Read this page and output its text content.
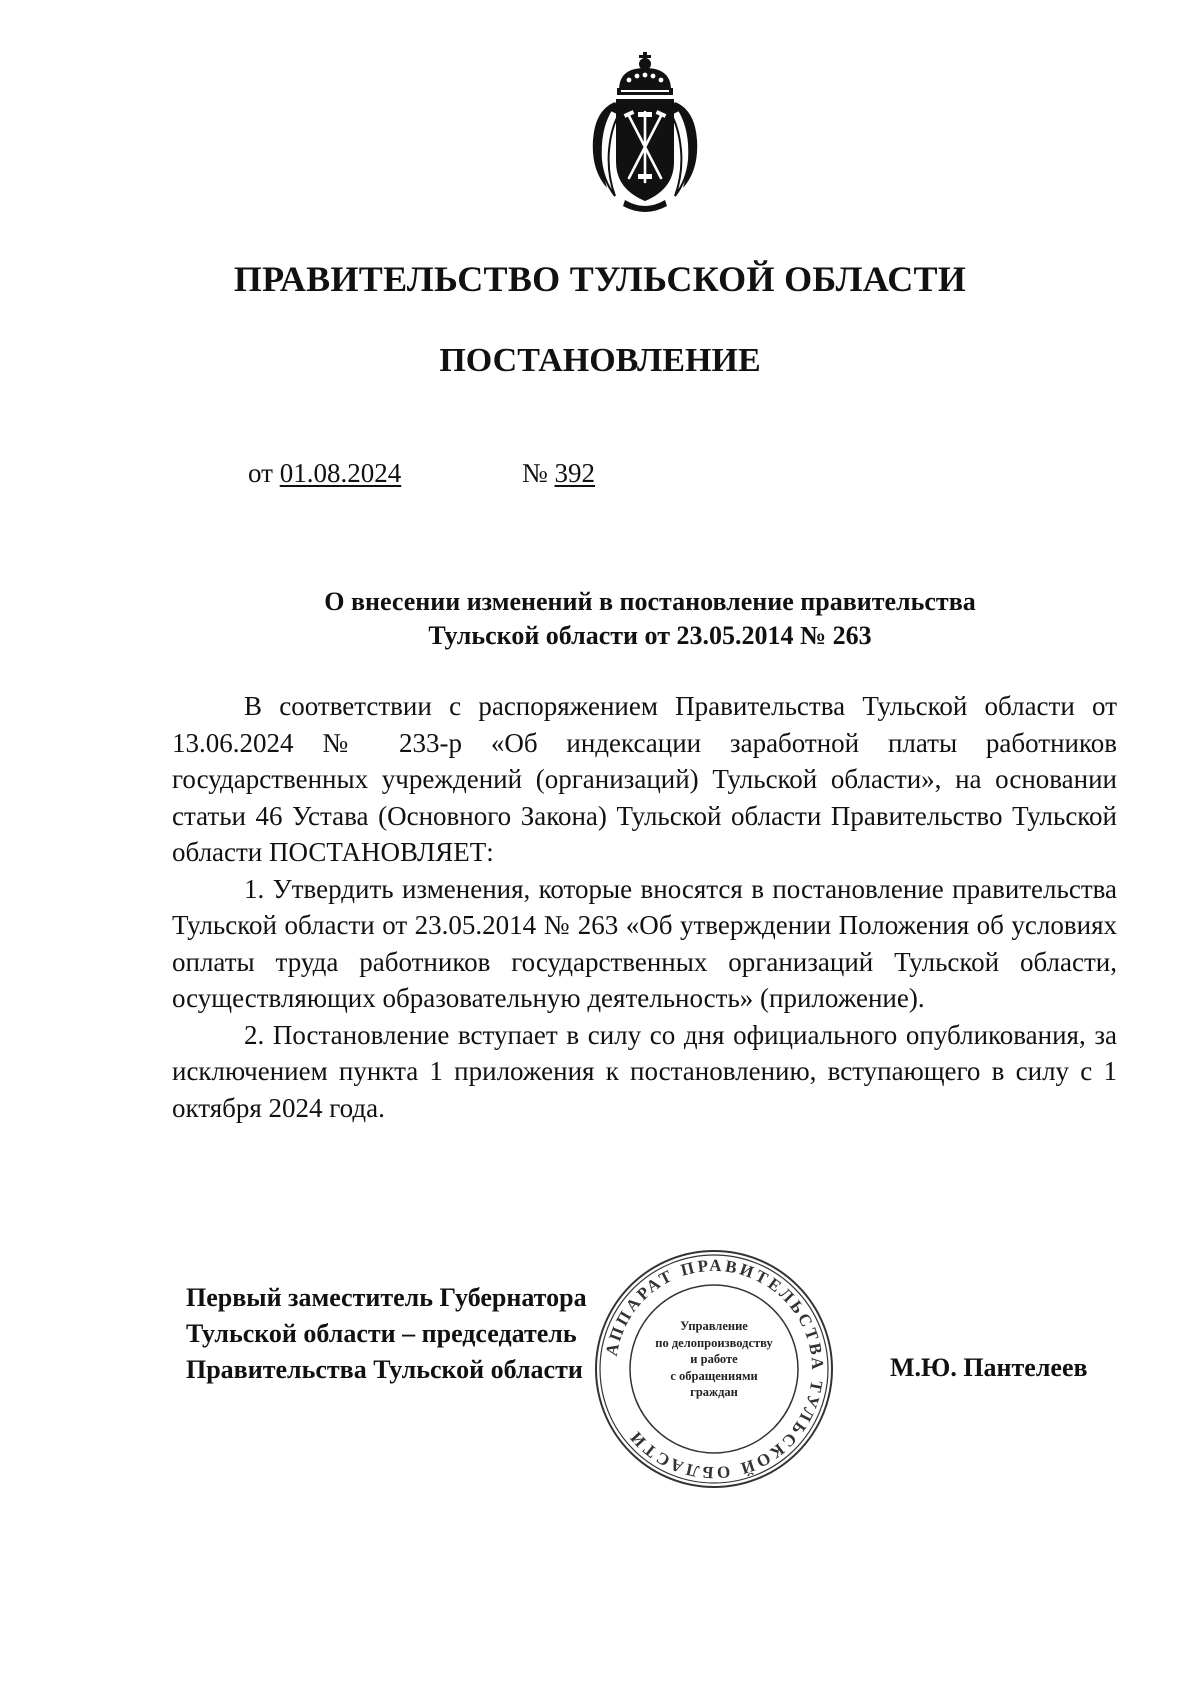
ПРАВИТЕЛЬСТВО ТУЛЬСКОЙ ОБЛАСТИ
ПОСТАНОВЛЕНИЕ
от 01.08.2024	№ 392
О внесении изменений в постановление правительства
Тульской области от 23.05.2014 № 263

В соответствии с распоряжением Правительства Тульской области от 13.06.2024 № 233-р «Об индексации заработной платы работников государственных учреждений (организаций) Тульской области», на основании статьи 46 Устава (Основного Закона) Тульской области Правительство Тульской области ПОСТАНОВЛЯЕТ:

1. Утвердить изменения, которые вносятся в постановление правительства Тульской области от 23.05.2014 № 263 «Об утверждении Положения об условиях оплаты труда работников государственных организаций Тульской области, осуществляющих образовательную деятельность» (приложение).

2. Постановление вступает в силу со дня официального опубликования, за исключением пункта 1 приложения к постановлению, вступающего в силу с 1 октября 2024 года.

Первый заместитель Губернатора
Тульской области – председатель
Правительства Тульской области	М.Ю. Пантелеев
АППАРАТ ПРАВИТЕЛЬСТВА ТУЛЬСКОЙ ОБЛАСТИ
Управление
по делопроизводству
и работе
с обращениями
граждан
